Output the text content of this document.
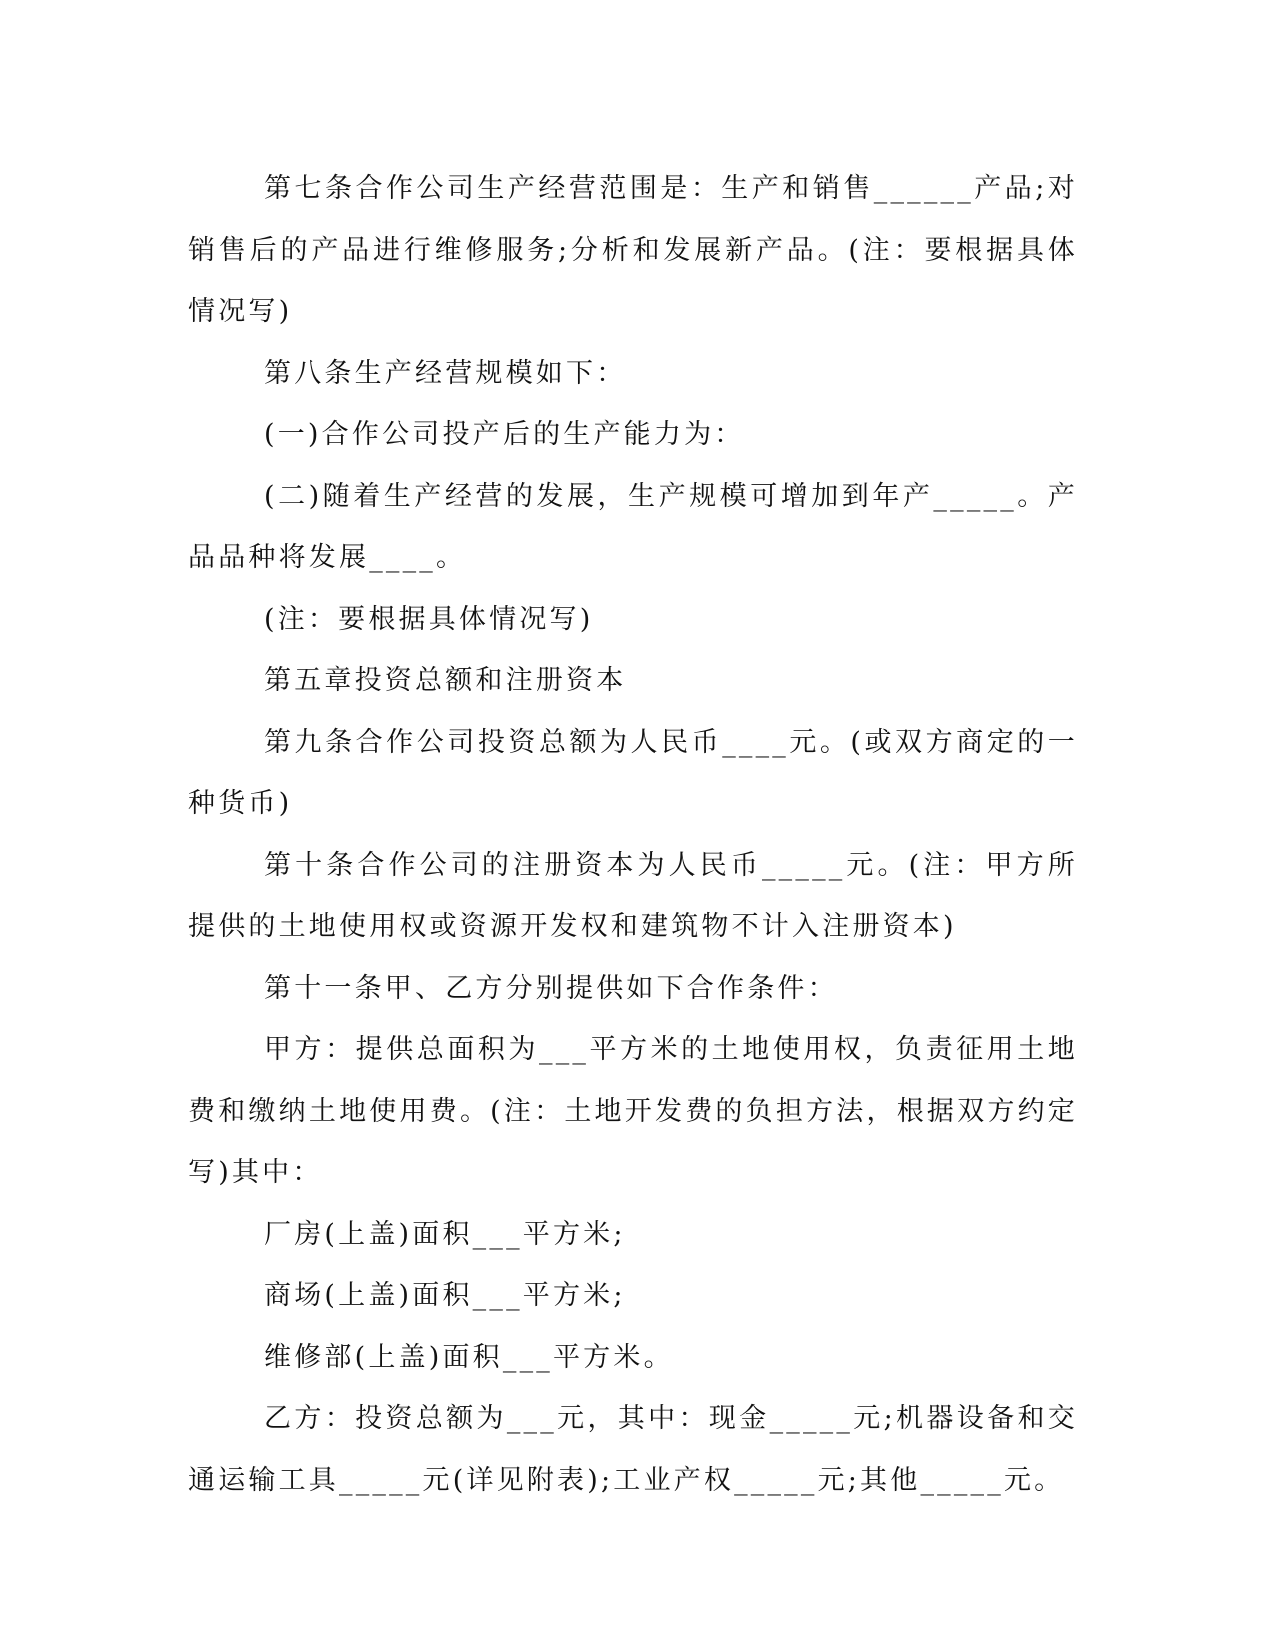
第七条合作公司生产经营范围是：生产和销售______产品;对销售后的产品进行维修服务;分析和发展新产品。(注：要根据具体情况写)

第八条生产经营规模如下：

(一)合作公司投产后的生产能力为：

(二)随着生产经营的发展，生产规模可增加到年产_____。产品品种将发展____。

(注：要根据具体情况写)

第五章投资总额和注册资本

第九条合作公司投资总额为人民币____元。(或双方商定的一种货币)

第十条合作公司的注册资本为人民币_____元。(注：甲方所提供的土地使用权或资源开发权和建筑物不计入注册资本)

第十一条甲、乙方分别提供如下合作条件：

甲方：提供总面积为___平方米的土地使用权，负责征用土地费和缴纳土地使用费。(注：土地开发费的负担方法，根据双方约定写)其中：

厂房(上盖)面积___平方米;

商场(上盖)面积___平方米;

维修部(上盖)面积___平方米。

乙方：投资总额为___元，其中：现金_____元;机器设备和交通运输工具_____元(详见附表);工业产权_____元;其他_____元。
